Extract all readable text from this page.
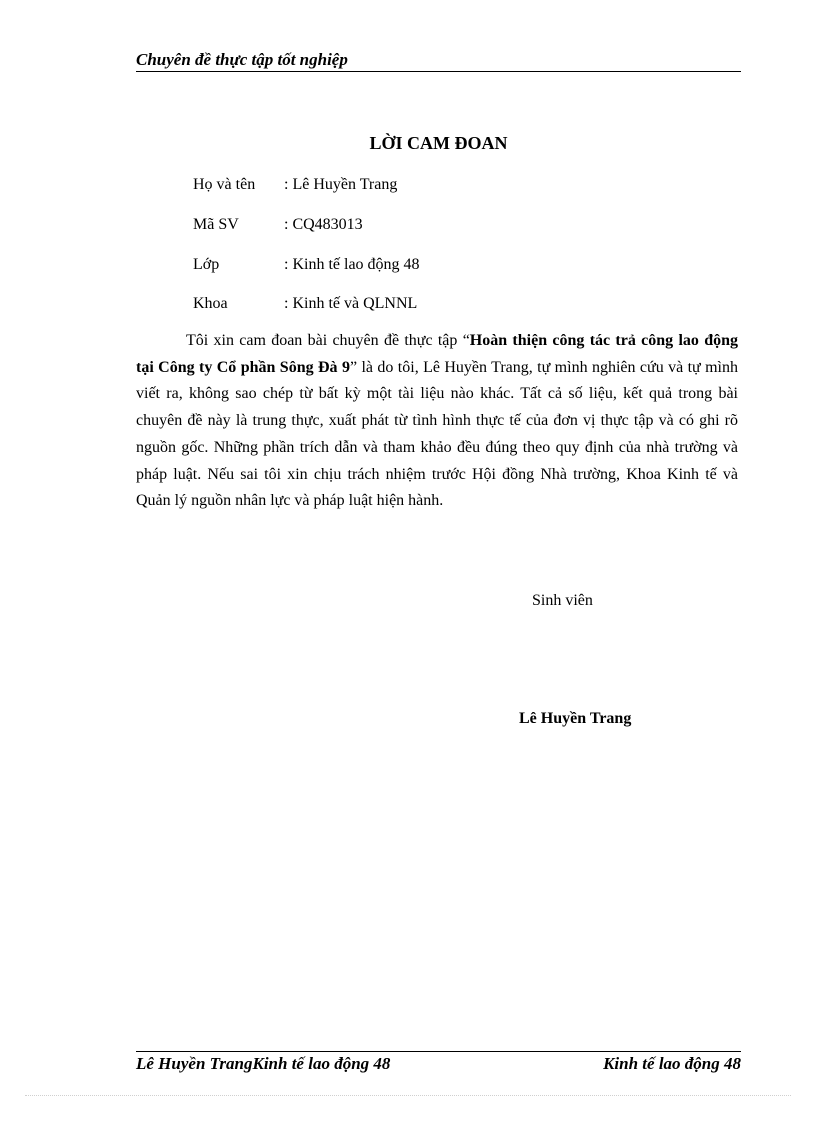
Chuyên đề thực tập tốt nghiệp
LỜI CAM ĐOAN
Họ và tên : Lê Huyền Trang
Mã SV	: CQ483013
Lớp	: Kinh tế lao động 48
Khoa	: Kinh tế và QLNNL

Tôi xin cam đoan bài chuyên đề thực tập “Hoàn thiện công tác trả công lao động tại Công ty Cổ phần Sông Đà 9” là do tôi, Lê Huyền Trang, tự mình nghiên cứu và tự mình viết ra, không sao chép từ bất kỳ một tài liệu nào khác. Tất cả số liệu, kết quả trong bài chuyên đề này là trung thực, xuất phát từ tình hình thực tế của đơn vị thực tập và có ghi rõ nguồn gốc. Những phần trích dẫn và tham khảo đều đúng theo quy định của nhà trường và pháp luật. Nếu sai tôi xin chịu trách nhiệm trước Hội đồng Nhà trường, Khoa Kinh tế và Quản lý nguồn nhân lực và pháp luật hiện hành.

Sinh viên
Lê Huyền Trang
Lê Huyền TrangKinh tế lao động 48	Kinh tế lao động 48
